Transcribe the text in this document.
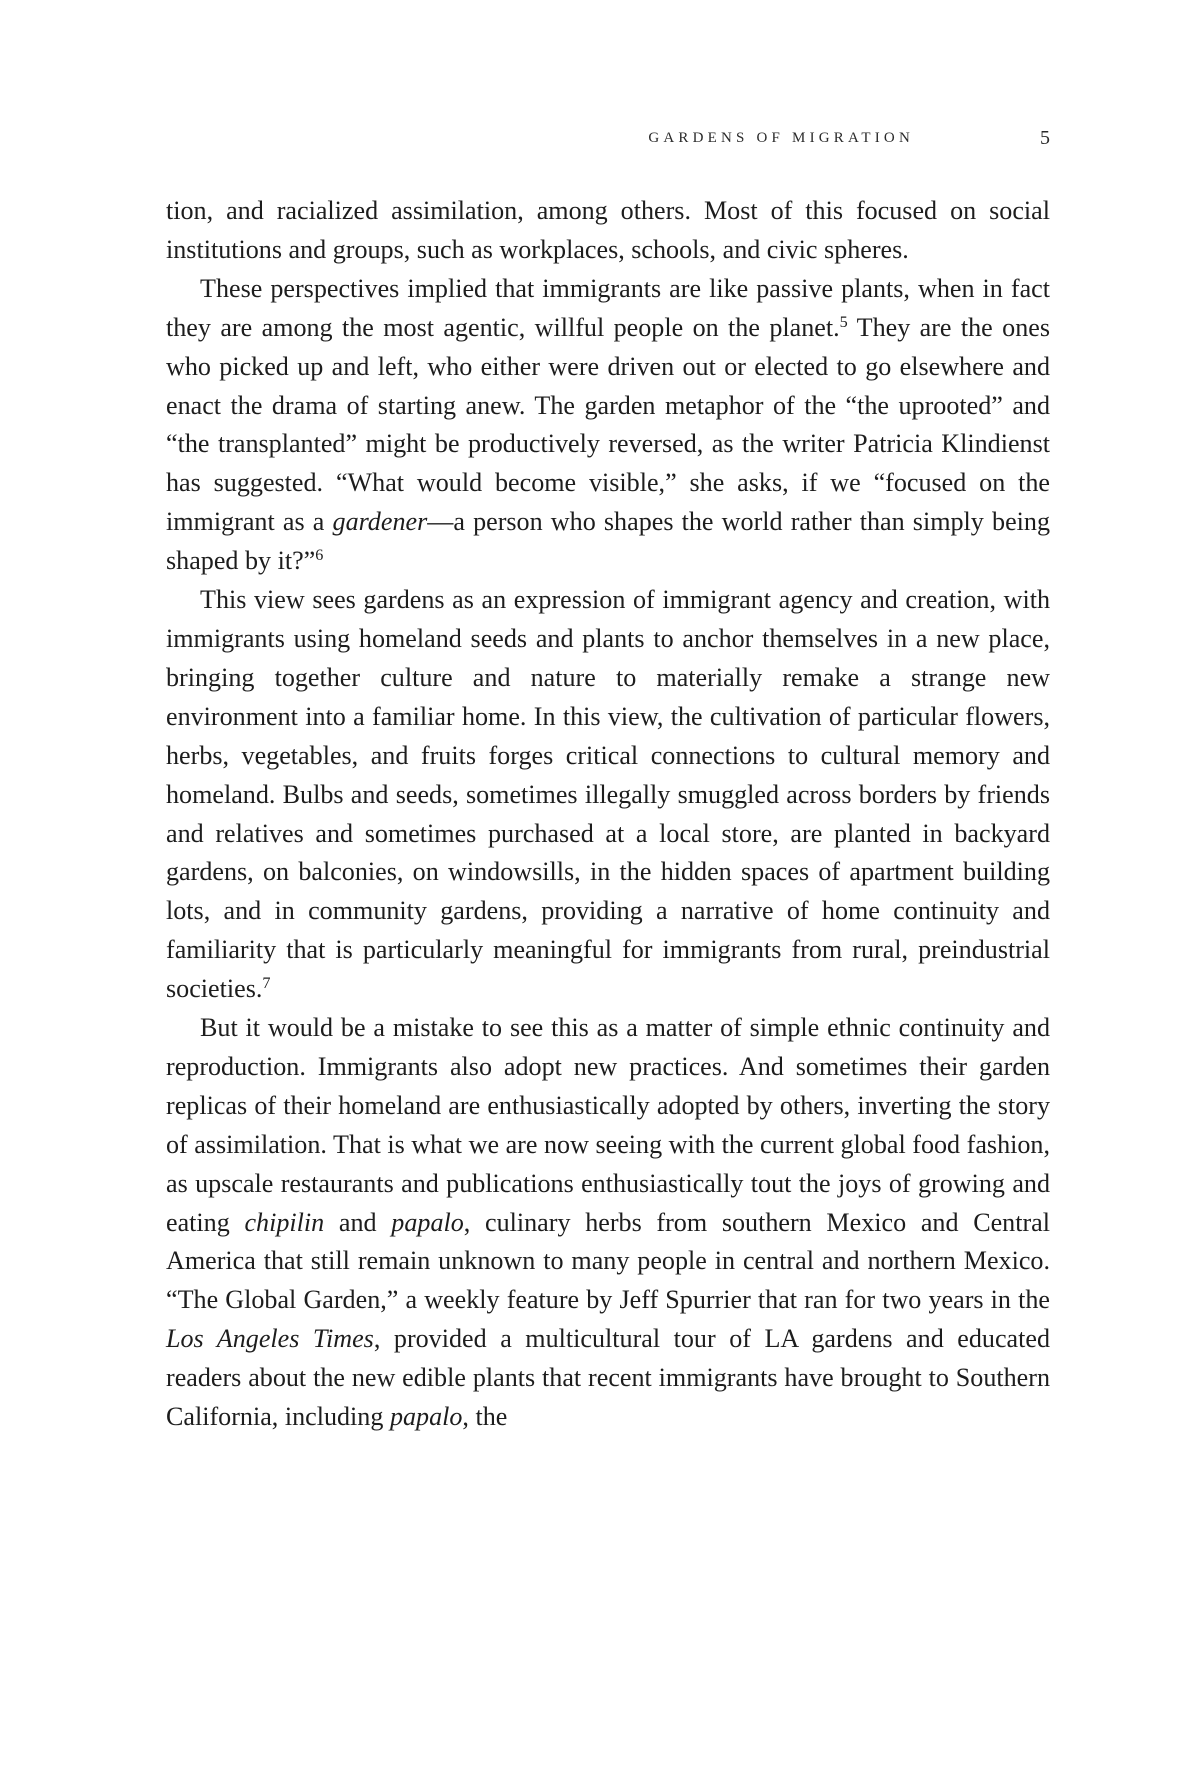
GARDENS OF MIGRATION	5

tion, and racialized assimilation, among others. Most of this focused on social institutions and groups, such as workplaces, schools, and civic spheres.

These perspectives implied that immigrants are like passive plants, when in fact they are among the most agentic, willful people on the planet.$^5$ They are the ones who picked up and left, who either were driven out or elected to go elsewhere and enact the drama of starting anew. The garden metaphor of the “the uprooted” and “the transplanted” might be productively reversed, as the writer Patricia Klindienst has suggested. “What would become visible,” she asks, if we “focused on the immigrant as a gardener—a person who shapes the world rather than simply being shaped by it?”$^6$

This view sees gardens as an expression of immigrant agency and creation, with immigrants using homeland seeds and plants to anchor themselves in a new place, bringing together culture and nature to materially remake a strange new environment into a familiar home. In this view, the cultivation of particular flowers, herbs, vegetables, and fruits forges critical connections to cultural memory and homeland. Bulbs and seeds, sometimes illegally smuggled across borders by friends and relatives and sometimes purchased at a local store, are planted in backyard gardens, on balconies, on windowsills, in the hidden spaces of apartment building lots, and in community gardens, providing a narrative of home continuity and familiarity that is particularly meaningful for immigrants from rural, preindustrial societies.$^7$

But it would be a mistake to see this as a matter of simple ethnic continuity and reproduction. Immigrants also adopt new practices. And sometimes their garden replicas of their homeland are enthusiastically adopted by others, inverting the story of assimilation. That is what we are now seeing with the current global food fashion, as upscale restaurants and publications enthusiastically tout the joys of growing and eating chipilin and papalo, culinary herbs from southern Mexico and Central America that still remain unknown to many people in central and northern Mexico. “The Global Garden,” a weekly feature by Jeff Spurrier that ran for two years in the Los Angeles Times, provided a multicultural tour of LA gardens and educated readers about the new edible plants that recent immigrants have brought to Southern California, including papalo, the
